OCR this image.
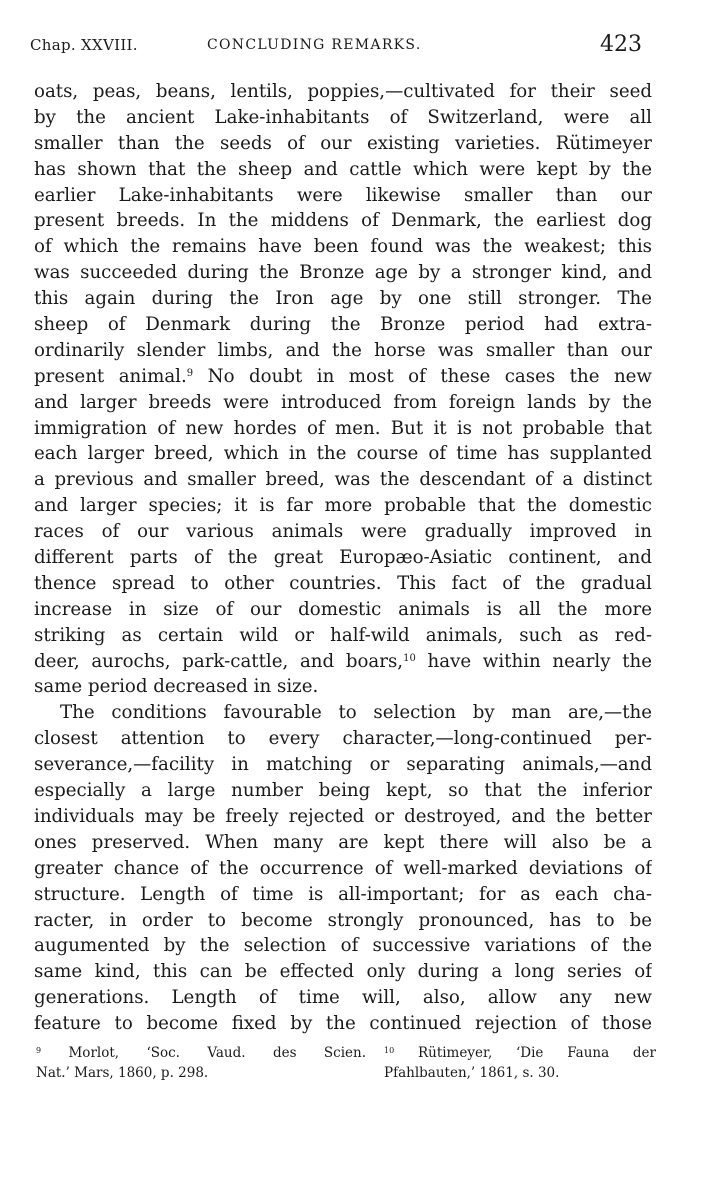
Chap. XXVIII.	CONCLUDING REMARKS.	423
oats, peas, beans, lentils, poppies,—cultivated for their seed
by the ancient Lake-inhabitants of Switzerland, were all
smaller than the seeds of our existing varieties. Rütimeyer
has shown that the sheep and cattle which were kept by the
earlier Lake-inhabitants were likewise smaller than our
present breeds. In the middens of Denmark, the earliest dog
of which the remains have been found was the weakest; this
was succeeded during the Bronze age by a stronger kind, and
this again during the Iron age by one still stronger. The
sheep of Denmark during the Bronze period had extra-
ordinarily slender limbs, and the horse was smaller than our
present animal.$^9$ No doubt in most of these cases the new
and larger breeds were introduced from foreign lands by the
immigration of new hordes of men. But it is not probable that
each larger breed, which in the course of time has supplanted
a previous and smaller breed, was the descendant of a distinct
and larger species; it is far more probable that the domestic
races of our various animals were gradually improved in
different parts of the great Europæo-Asiatic continent, and
thence spread to other countries. This fact of the gradual
increase in size of our domestic animals is all the more
striking as certain wild or half-wild animals, such as red-
deer, aurochs, park-cattle, and boars,$^{10}$ have within nearly the
same period decreased in size.
The conditions favourable to selection by man are,—the
closest attention to every character,—long-continued per-
severance,—facility in matching or separating animals,—and
especially a large number being kept, so that the inferior
individuals may be freely rejected or destroyed, and the better
ones preserved. When many are kept there will also be a
greater chance of the occurrence of well-marked deviations of
structure. Length of time is all-important; for as each cha-
racter, in order to become strongly pronounced, has to be
augumented by the selection of successive variations of the
same kind, this can be effected only during a long series of
generations. Length of time will, also, allow any new
feature to become fixed by the continued rejection of those
$^9$ Morlot, ‘Soc. Vaud. des Scien.
Nat.’ Mars, 1860, p. 298.
$^{10}$ Rütimeyer, ‘Die Fauna der
Pfahlbauten,’ 1861, s. 30.
